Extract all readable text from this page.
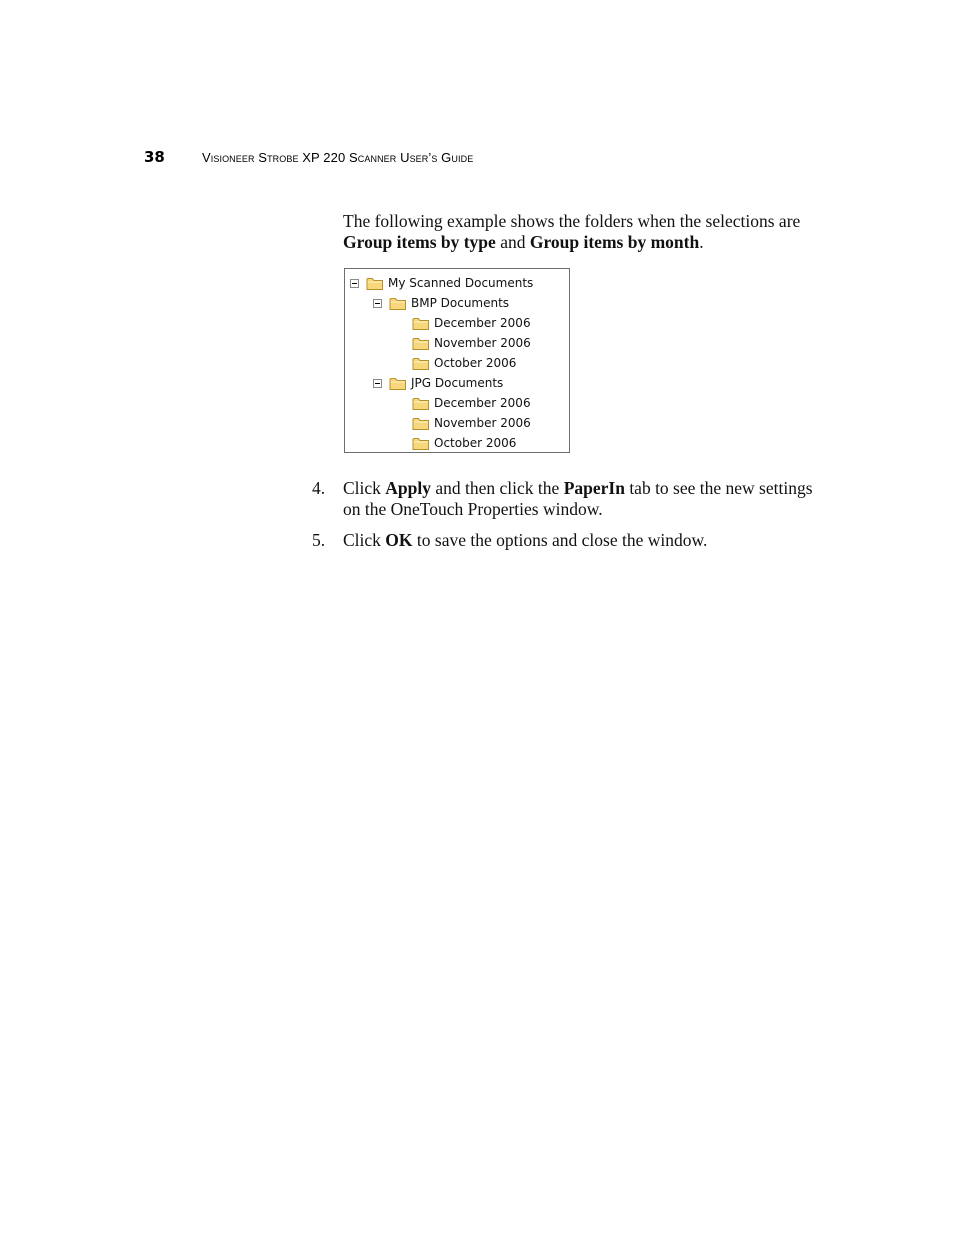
38	Visioneer Strobe XP 220 Scanner User’s Guide

The following example shows the folders when the selections are Group items by type and Group items by month.

My Scanned Documents
BMP Documents
December 2006
November 2006
October 2006
JPG Documents
December 2006
November 2006
October 2006
4. Click Apply and then click the PaperIn tab to see the new settings on the OneTouch Properties window.
5. Click OK to save the options and close the window.
